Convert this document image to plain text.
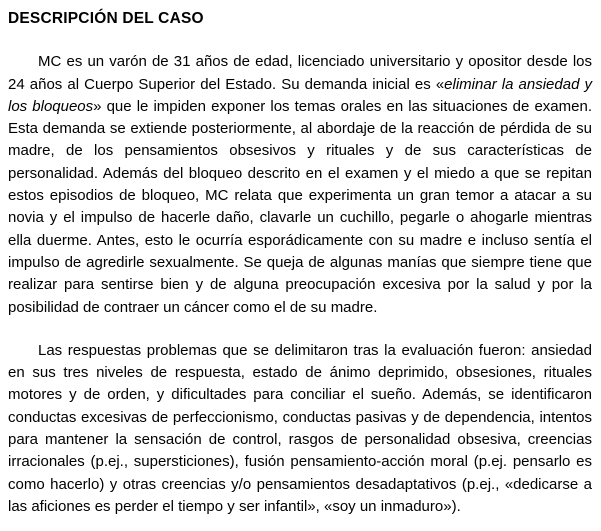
DESCRIPCIÓN DEL CASO

MC es un varón de 31 años de edad, licenciado universitario y opositor desde los 24 años al Cuerpo Superior del Estado. Su demanda inicial es «eliminar la ansiedad y los bloqueos» que le impiden exponer los temas orales en las situaciones de examen. Esta demanda se extiende posteriormente, al abordaje de la reacción de pérdida de su madre, de los pensamientos obsesivos y rituales y de sus características de personalidad. Además del bloqueo descrito en el examen y el miedo a que se repitan estos episodios de bloqueo, MC relata que experimenta un gran temor a atacar a su novia y el impulso de hacerle daño, clavarle un cuchillo, pegarle o ahogarle mientras ella duerme. Antes, esto le ocurría esporádicamente con su madre e incluso sentía el impulso de agredirle sexualmente. Se queja de algunas manías que siempre tiene que realizar para sentirse bien y de alguna preocupación excesiva por la salud y por la posibilidad de contraer un cáncer como el de su madre.

Las respuestas problemas que se delimitaron tras la evaluación fueron: ansiedad en sus tres niveles de respuesta, estado de ánimo deprimido, obsesiones, rituales motores y de orden, y dificultades para conciliar el sueño. Además, se identificaron conductas excesivas de perfeccionismo, conductas pasivas y de dependencia, intentos para mantener la sensación de control, rasgos de personalidad obsesiva, creencias irracionales (p.ej., supersticiones), fusión pensamiento-acción moral (p.ej. pensarlo es como hacerlo) y otras creencias y/o pensamientos desadaptativos (p.ej., «dedicarse a las aficiones es perder el tiempo y ser infantil», «soy un inmaduro»).
